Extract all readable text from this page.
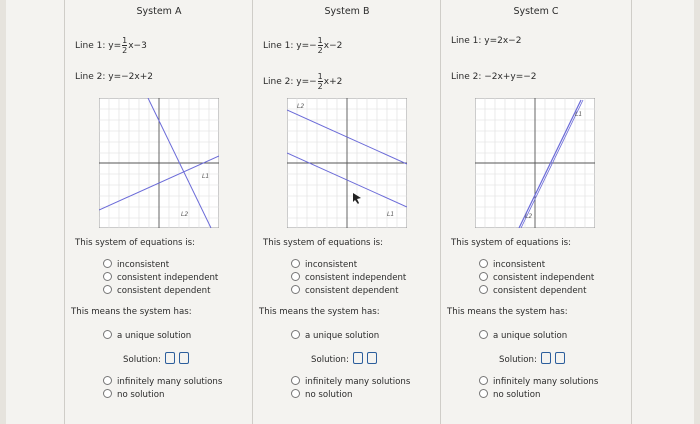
System A
Line 1: $y= \frac{1}{2} x-3$
Line 2: y=−2x+2
L1
L2
This system of equations is:
inconsistent
consistent independent
consistent dependent
This means the system has:
a unique solution
Solution:
infinitely many solutions
no solution
System B
Line 1: $y=- \frac{1}{2} x-2$
Line 2: $y=- \frac{1}{2} x+2$
L2
L1
This system of equations is:
inconsistent
consistent independent
consistent dependent
This means the system has:
a unique solution
Solution:
infinitely many solutions
no solution
System C
Line 1: y=2x−2
Line 2: −2x+y=−2
L1
L2
This system of equations is:
inconsistent
consistent independent
consistent dependent
This means the system has:
a unique solution
Solution:
infinitely many solutions
no solution
